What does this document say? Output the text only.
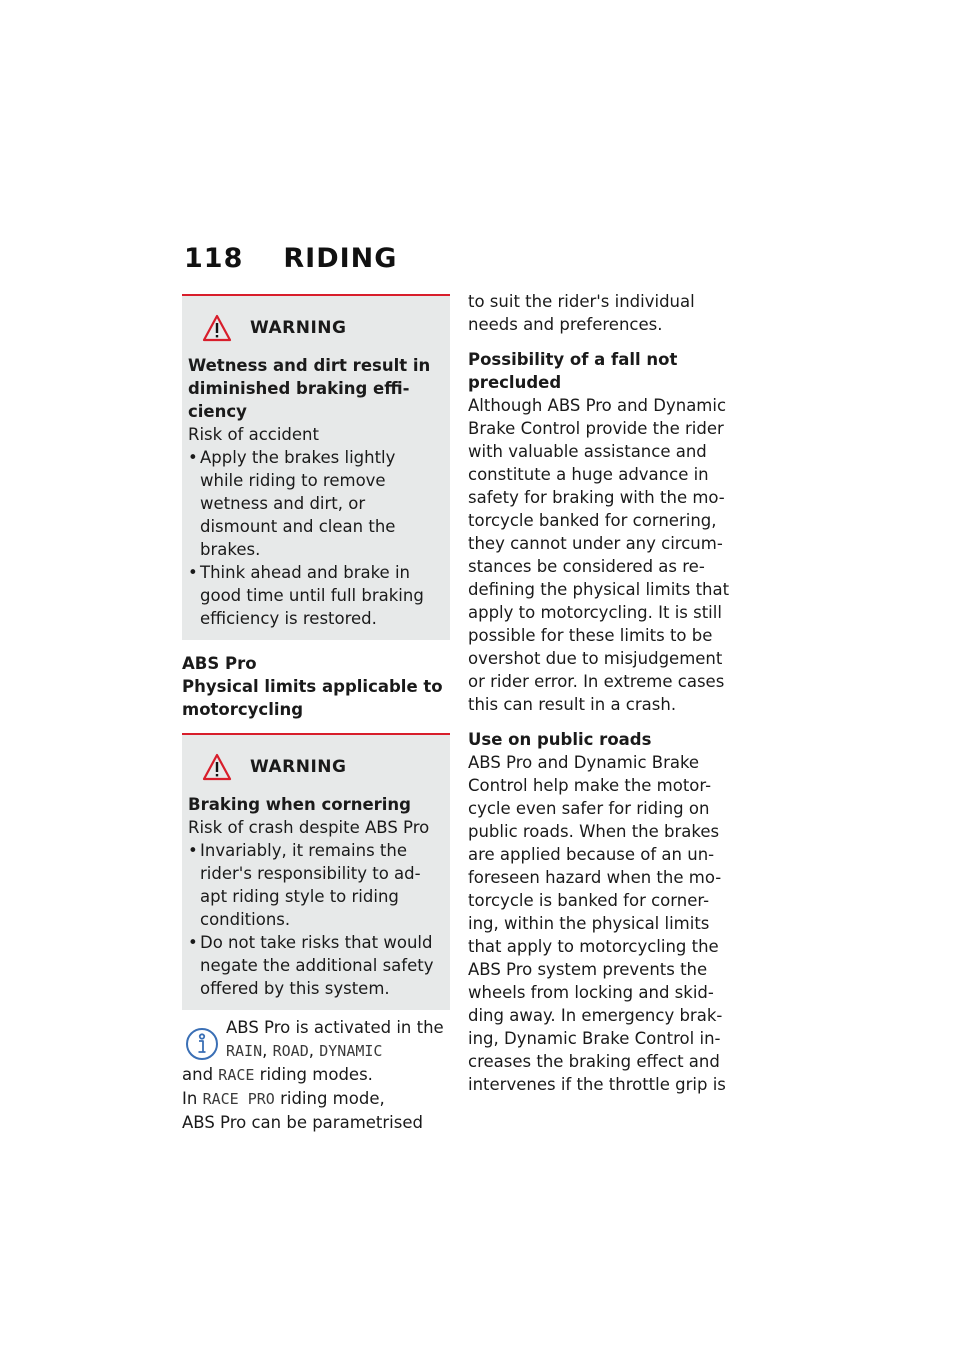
118 RIDING
WARNING
Wetness and dirt result in
diminished braking effi-
ciency
Risk of accident
• Apply the brakes lightly
while riding to remove
wetness and dirt, or
dismount and clean the
brakes.
• Think ahead and brake in
good time until full braking
efficiency is restored.
ABS Pro
Physical limits applicable to
motorcycling
WARNING
Braking when cornering
Risk of crash despite ABS Pro
• Invariably, it remains the
rider's responsibility to ad-
apt riding style to riding
conditions.
• Do not take risks that would
negate the additional safety
offered by this system.

ABS Pro is activated in the

RAIN, ROAD, DYNAMIC

and RACE riding modes.

In RACE PRO riding mode,

ABS Pro can be parametrised

to suit the rider's individual

needs and preferences.

Possibility of a fall not
precluded

Although ABS Pro and Dynamic

Brake Control provide the rider

with valuable assistance and

constitute a huge advance in

safety for braking with the mo-

torcycle banked for cornering,

they cannot under any circum-

stances be considered as re-

defining the physical limits that

apply to motorcycling. It is still

possible for these limits to be

overshot due to misjudgement

or rider error. In extreme cases

this can result in a crash.

Use on public roads

ABS Pro and Dynamic Brake

Control help make the motor-

cycle even safer for riding on

public roads. When the brakes

are applied because of an un-

foreseen hazard when the mo-

torcycle is banked for corner-

ing, within the physical limits

that apply to motorcycling the

ABS Pro system prevents the

wheels from locking and skid-

ding away. In emergency brak-

ing, Dynamic Brake Control in-

creases the braking effect and

intervenes if the throttle grip is
